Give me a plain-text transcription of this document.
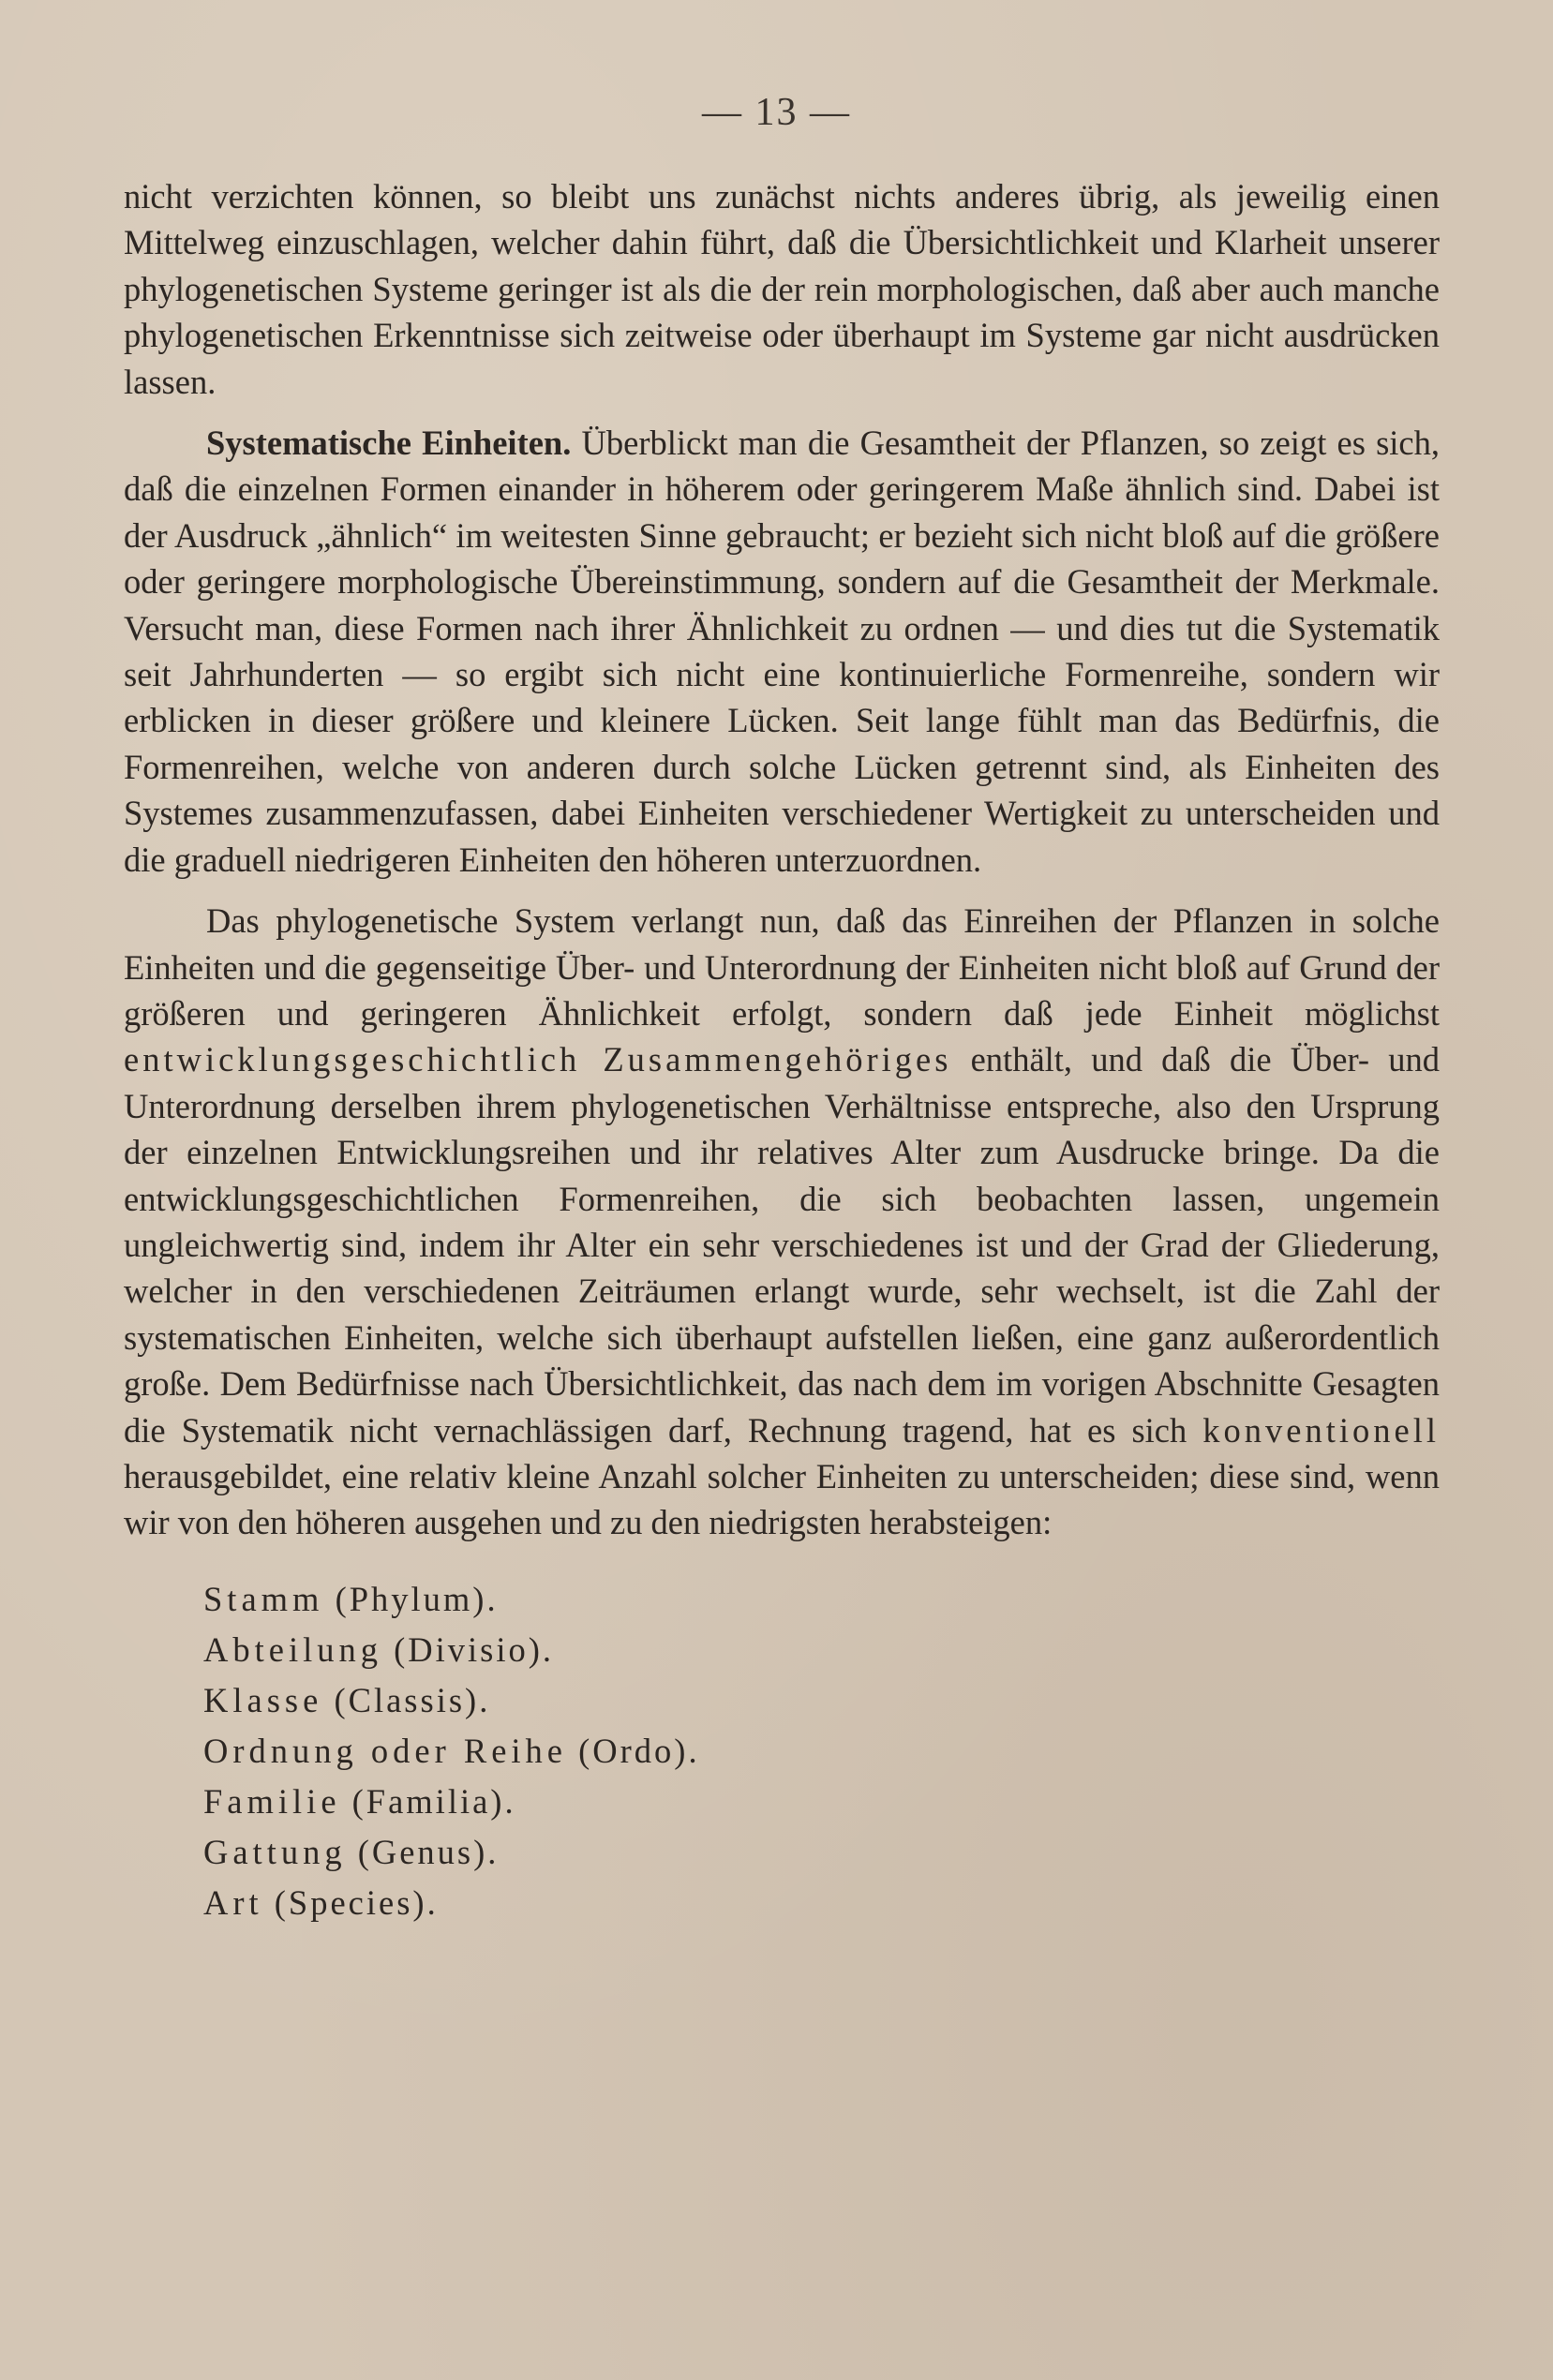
— 13 —

nicht verzichten können, so bleibt uns zunächst nichts anderes übrig, als jeweilig einen Mittelweg einzuschlagen, welcher dahin führt, daß die Übersichtlichkeit und Klarheit unserer phylogenetischen Systeme geringer ist als die der rein morphologischen, daß aber auch manche phylogenetischen Erkenntnisse sich zeitweise oder überhaupt im Systeme gar nicht ausdrücken lassen.

Systematische Einheiten. Überblickt man die Gesamtheit der Pflanzen, so zeigt es sich, daß die einzelnen Formen einander in höherem oder geringerem Maße ähnlich sind. Dabei ist der Ausdruck „ähnlich“ im weitesten Sinne gebraucht; er bezieht sich nicht bloß auf die größere oder geringere morphologische Übereinstimmung, sondern auf die Gesamtheit der Merkmale. Versucht man, diese Formen nach ihrer Ähnlichkeit zu ordnen — und dies tut die Systematik seit Jahrhunderten — so ergibt sich nicht eine kontinuierliche Formenreihe, sondern wir erblicken in dieser größere und kleinere Lücken. Seit lange fühlt man das Bedürfnis, die Formenreihen, welche von anderen durch solche Lücken getrennt sind, als Einheiten des Systemes zusammenzufassen, dabei Einheiten verschiedener Wertigkeit zu unterscheiden und die graduell niedrigeren Einheiten den höheren unterzuordnen.

Das phylogenetische System verlangt nun, daß das Einreihen der Pflanzen in solche Einheiten und die gegenseitige Über- und Unterordnung der Einheiten nicht bloß auf Grund der größeren und geringeren Ähnlichkeit erfolgt, sondern daß jede Einheit möglichst entwicklungsgeschichtlich Zusammengehöriges enthält, und daß die Über- und Unterordnung derselben ihrem phylogenetischen Verhältnisse entspreche, also den Ursprung der einzelnen Entwicklungsreihen und ihr relatives Alter zum Ausdrucke bringe. Da die entwicklungsgeschichtlichen Formenreihen, die sich beobachten lassen, ungemein ungleichwertig sind, indem ihr Alter ein sehr verschiedenes ist und der Grad der Gliederung, welcher in den verschiedenen Zeiträumen erlangt wurde, sehr wechselt, ist die Zahl der systematischen Einheiten, welche sich überhaupt aufstellen ließen, eine ganz außerordentlich große. Dem Bedürfnisse nach Übersichtlichkeit, das nach dem im vorigen Abschnitte Gesagten die Systematik nicht vernachlässigen darf, Rechnung tragend, hat es sich konventionell herausgebildet, eine relativ kleine Anzahl solcher Einheiten zu unterscheiden; diese sind, wenn wir von den höheren ausgehen und zu den niedrigsten herabsteigen:

Stamm (Phylum).
Abteilung (Divisio).
Klasse (Classis).
Ordnung oder Reihe (Ordo).
Familie (Familia).
Gattung (Genus).
Art (Species).
